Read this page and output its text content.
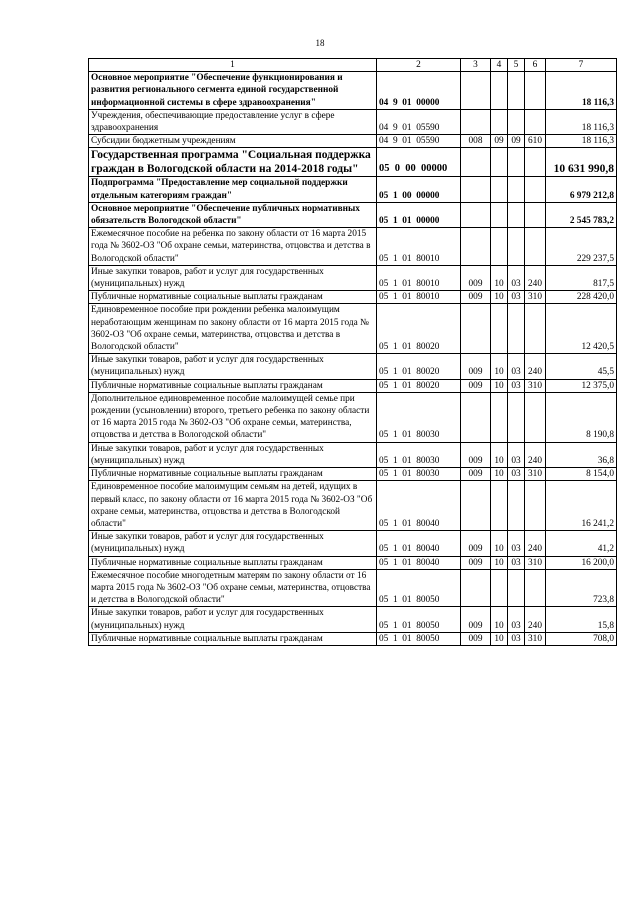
18
1	2	3	4	5	6	7
Основное мероприятие "Обеспечение функционирования и развития регионального сегмента единой государственной информационной системы в сфере здравоохранения"	04  9  01  00000					18 116,3
Учреждения, обеспечивающие предоставление услуг в сфере здравоохранения	04  9  01  05590					18 116,3
Субсидии бюджетным учреждениям	04  9  01  05590	008	09	09	610	18 116,3
Государственная программа "Социальная поддержка граждан в Вологодской области на 2014-2018 годы"	05  0  00  00000					10 631 990,8
Подпрограмма "Предоставление мер социальной поддержки отдельным категориям граждан"	05  1  00  00000					6 979 212,8
Основное мероприятие "Обеспечение публичных нормативных обязательств Вологодской области"	05  1  01  00000					2 545 783,2
Ежемесячное пособие на ребенка по закону области от 16 марта 2015 года № 3602-ОЗ "Об охране семьи, материнства, отцовства и детства в Вологодской области"	05  1  01  80010					229 237,5
Иные закупки товаров, работ и услуг для государственных (муниципальных) нужд	05  1  01  80010	009	10	03	240	817,5
Публичные нормативные социальные выплаты гражданам	05  1  01  80010	009	10	03	310	228 420,0
Единовременное пособие при рождении ребенка малоимущим неработающим женщинам по закону области от 16 марта 2015 года № 3602-ОЗ "Об охране семьи, материнства, отцовства и детства в Вологодской области"	05  1  01  80020					12 420,5
Иные закупки товаров, работ и услуг для государственных (муниципальных) нужд	05  1  01  80020	009	10	03	240	45,5
Публичные нормативные социальные выплаты гражданам	05  1  01  80020	009	10	03	310	12 375,0
Дополнительное единовременное пособие малоимущей семье при рождении (усыновлении) второго, третьего ребенка по закону области от 16 марта 2015 года № 3602-ОЗ "Об охране семьи, материнства, отцовства и детства в Вологодской области"	05  1  01  80030					8 190,8
Иные закупки товаров, работ и услуг для государственных (муниципальных) нужд	05  1  01  80030	009	10	03	240	36,8
Публичные нормативные социальные выплаты гражданам	05  1  01  80030	009	10	03	310	8 154,0
Единовременное пособие малоимущим семьям на детей, идущих в первый класс, по закону области от 16 марта 2015 года № 3602-ОЗ "Об охране семьи, материнства, отцовства и детства в Вологодской области"	05  1  01  80040					16 241,2
Иные закупки товаров, работ и услуг для государственных (муниципальных) нужд	05  1  01  80040	009	10	03	240	41,2
Публичные нормативные социальные выплаты гражданам	05  1  01  80040	009	10	03	310	16 200,0
Ежемесячное пособие многодетным матерям по закону области от 16 марта 2015 года № 3602-ОЗ "Об охране семьи, материнства, отцовства и детства в Вологодской области"	05  1  01  80050					723,8
Иные закупки товаров, работ и услуг для государственных (муниципальных) нужд	05  1  01  80050	009	10	03	240	15,8
Публичные нормативные социальные выплаты гражданам	05  1  01  80050	009	10	03	310	708,0
